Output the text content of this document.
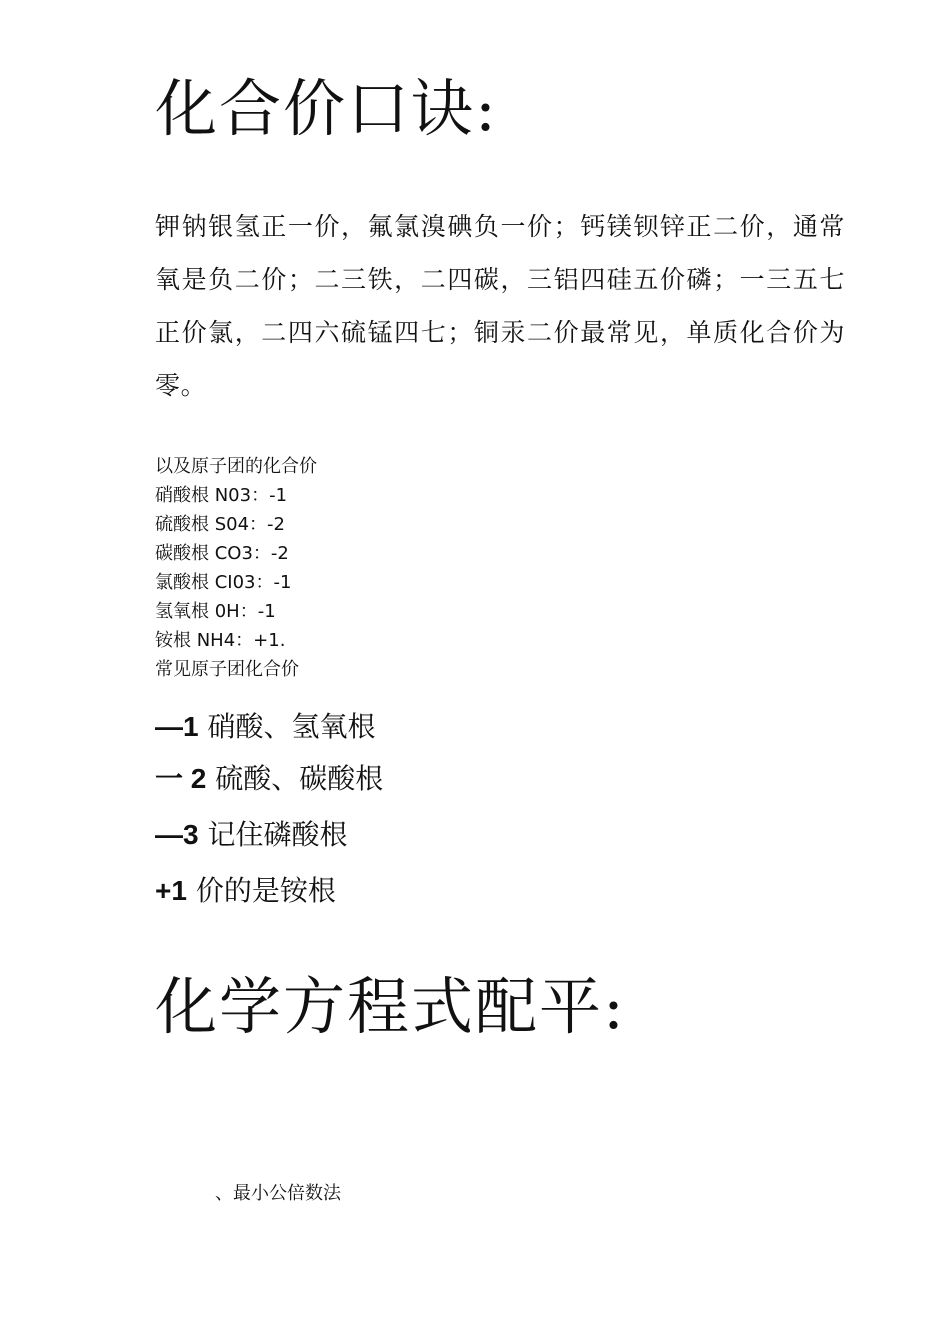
化合价口诀:

钾钠银氢正一价，氟氯溴碘负一价；钙镁钡锌正二价，通常氧是负二价；二三铁，二四碳，三铝四硅五价磷；一三五七正价氯，二四六硫锰四七；铜汞二价最常见，单质化合价为零。

以及原子团的化合价
硝酸根 N03：-1
硫酸根 S04：-2
碳酸根 CO3：-2
氯酸根 CI03：-1
氢氧根 0H：-1
铵根 NH4：+1.
常见原子团化合价
—1 硝酸、氢氧根
一 2 硫酸、碳酸根
—3 记住磷酸根
+1 价的是铵根
化学方程式配平:

、最小公倍数法
